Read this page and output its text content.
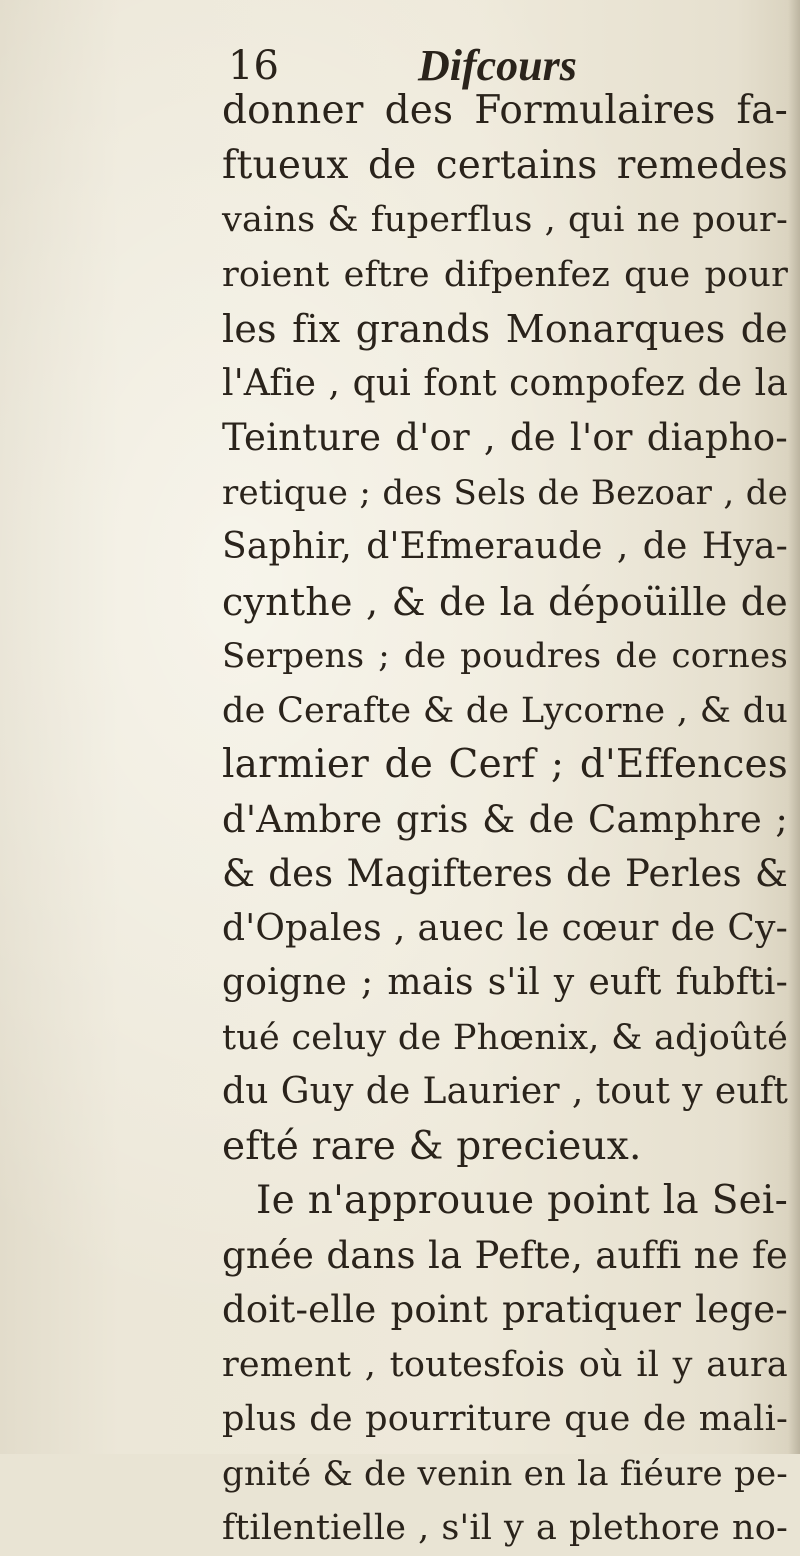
16	Difcours
donner des Formulaires fa-
ftueux de certains remedes
vains & fuperflus , qui ne pour-
roient eftre difpenfez que pour
les fix grands Monarques de
l'Afie , qui font compofez de la
Teinture d'or , de l'or diapho-
retique ; des Sels de Bezoar , de
Saphir, d'Efmeraude , de Hya-
cynthe , & de la dépoüille de
Serpens ; de poudres de cornes
de Cerafte & de Lycorne , & du
larmier de Cerf ; d'Effences
d'Ambre gris & de Camphre ;
& des Magifteres de Perles &
d'Opales , auec le cœur de Cy-
goigne ; mais s'il y euft fubfti-
tué celuy de Phœnix, & adjoûté
du Guy de Laurier , tout y euft
efté rare & precieux.
Ie n'approuue point la Sei-
gnée dans la Pefte, auffi ne fe
doit-elle point pratiquer lege-
rement , toutesfois où il y aura
plus de pourriture que de mali-
gnité & de venin en la fiéure pe-
ftilentielle , s'il y a plethore no-
